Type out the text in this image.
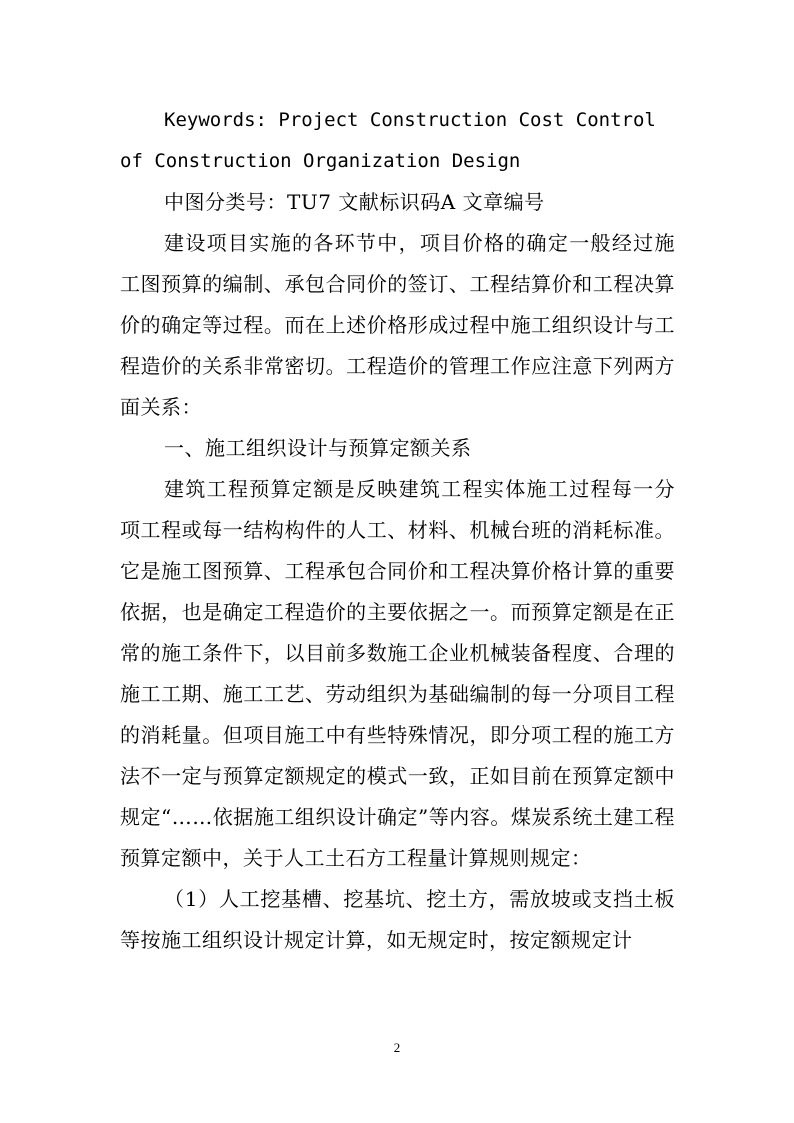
Keywords: Project Construction Cost Control of Construction Organization Design

中图分类号：TU7 文献标识码A 文章编号

建设项目实施的各环节中，项目价格的确定一般经过施工图预算的编制、承包合同价的签订、工程结算价和工程决算价的确定等过程。而在上述价格形成过程中施工组织设计与工程造价的关系非常密切。工程造价的管理工作应注意下列两方面关系：

一、施工组织设计与预算定额关系

建筑工程预算定额是反映建筑工程实体施工过程每一分项工程或每一结构构件的人工、材料、机械台班的消耗标准。它是施工图预算、工程承包合同价和工程决算价格计算的重要依据，也是确定工程造价的主要依据之一。而预算定额是在正常的施工条件下，以目前多数施工企业机械装备程度、合理的施工工期、施工工艺、劳动组织为基础编制的每一分项目工程的消耗量。但项目施工中有些特殊情况，即分项工程的施工方法不一定与预算定额规定的模式一致，正如目前在预算定额中规定“……依据施工组织设计确定”等内容。煤炭系统土建工程预算定额中，关于人工土石方工程量计算规则规定：

（1）人工挖基槽、挖基坑、挖土方，需放坡或支挡土板等按施工组织设计规定计算，如无规定时，按定额规定计

2
